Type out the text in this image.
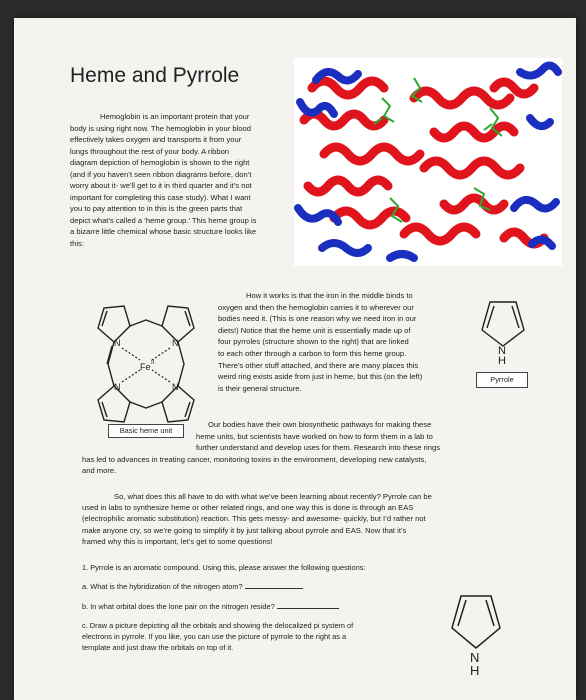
Heme and Pyrrole
Hemoglobin is an important protein that your
body is using right now. The hemoglobin in your blood
effectively takes oxygen and transports it from your
lungs throughout the rest of your body. A ribbon
diagram depiction of hemoglobin is shown to the right
(and if you haven’t seen ribbon diagrams before, don’t
worry about it- we’ll get to it in third quarter and it’s not
important for completing this case study). What I want
you to pay attention to in this is the green parts that
depict what’s called a ‘heme group.’ This heme group is
a bizarre little chemical whose basic structure looks like
this:
N	N
N	N
Fe II
Basic heme unit
How it works is that the iron in the middle binds to
oxygen and then the hemoglobin carries it to wherever our
bodies need it. (This is one reason why we need iron in our
diets!) Notice that the heme unit is essentially made up of
four pyrroles (structure shown to the right) that are linked
to each other through a carbon to form this heme group.
There’s other stuff attached, and there are many places this
weird ring exists aside from just in heme, but this (on the left)
is their general structure.
N
H
Pyrrole
Our bodies have their own biosynthetic pathways for making these
heme units, but scientists have worked on how to form them in a lab to
further understand and develop uses for them. Research into these rings
has led to advances in treating cancer, monitoring toxins in the environment, developing new catalysts,
and more.
So, what does this all have to do with what we’ve been learning about recently? Pyrrole can be
used in labs to synthesize heme or other related rings, and one way this is done is through an EAS
(electrophilic aromatic substitution) reaction. This gets messy- and awesome- quickly, but I’d rather not
make anyone cry, so we’re going to simplify it by just talking about pyrrole and EAS. Now that it’s
framed why this is important, let’s get to some questions!
1. Pyrrole is an aromatic compound. Using this, please answer the following questions:
a. What is the hybridization of the nitrogen atom?
b. In what orbital does the lone pair on the nitrogen reside?
c. Draw a picture depicting all the orbitals and showing the delocalized pi system of
electrons in pyrrole. If you like, you can use the picture of pyrrole to the right as a
template and just draw the orbitals on top of it.
N
H
